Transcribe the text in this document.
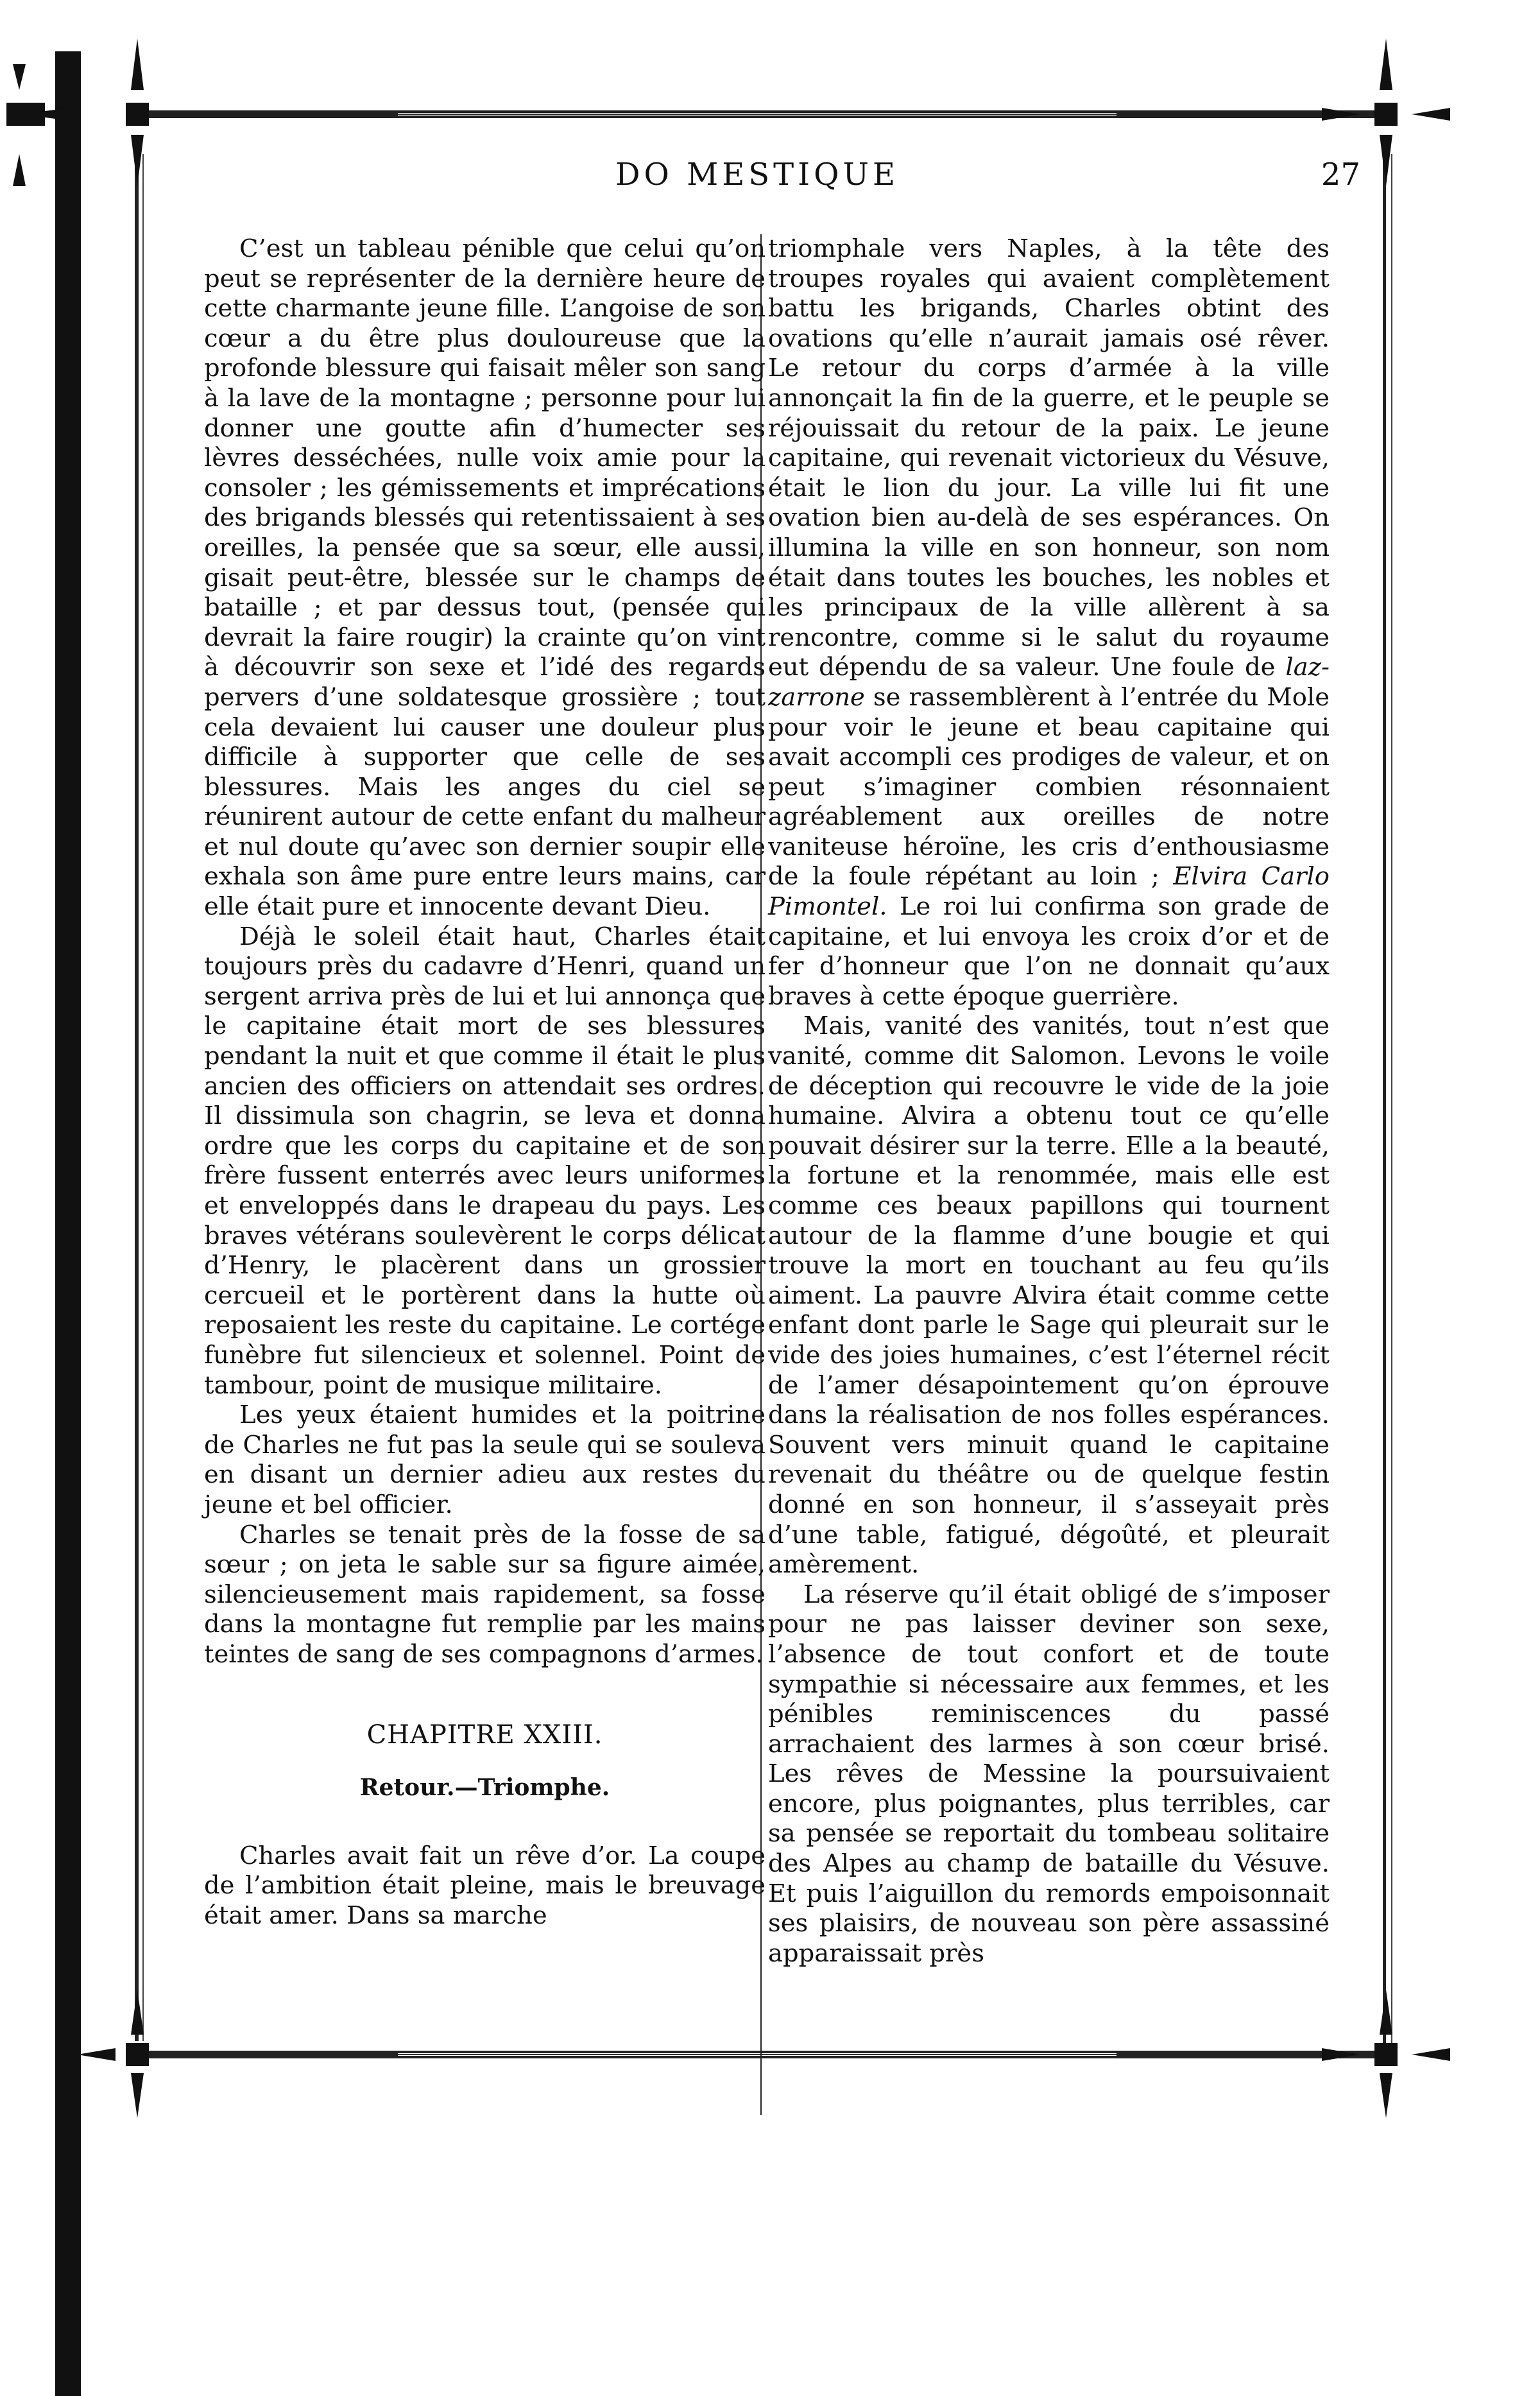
DO MESTIQUE	27

C’est un tableau pénible que celui qu’on peut se représenter de la dernière heure de cette charmante jeune fille. L’angoise de son cœur a du être plus douloureuse que la profonde blessure qui faisait mêler son sang à la lave de la montagne ; personne pour lui donner une goutte afin d’humecter ses lèvres desséchées, nulle voix amie pour la consoler ; les gémissements et imprécations des brigands blessés qui retentissaient à ses oreilles, la pensée que sa sœur, elle aussi, gisait peut-être, blessée sur le champs de bataille ; et par dessus tout, (pensée qui devrait la faire rougir) la crainte qu’on vint à découvrir son sexe et l’idé des regards pervers d’une soldatesque grossière ; tout cela devaient lui causer une douleur plus difficile à supporter que celle de ses blessures. Mais les anges du ciel se réunirent autour de cette enfant du malheur et nul doute qu’avec son dernier soupir elle exhala son âme pure entre leurs mains, car elle était pure et innocente devant Dieu.

Déjà le soleil était haut, Charles était toujours près du cadavre d’Henri, quand un sergent arriva près de lui et lui annonça que le capitaine était mort de ses blessures pendant la nuit et que comme il était le plus ancien des officiers on attendait ses ordres. Il dissimula son chagrin, se leva et donna ordre que les corps du capitaine et de son frère fussent enterrés avec leurs uniformes et enveloppés dans le drapeau du pays. Les braves vétérans soulevèrent le corps délicat d’Henry, le placèrent dans un grossier cercueil et le portèrent dans la hutte où reposaient les reste du capitaine. Le cortége funèbre fut silencieux et solennel. Point de tambour, point de musique militaire.

Les yeux étaient humides et la poitrine de Charles ne fut pas la seule qui se souleva en disant un dernier adieu aux restes du jeune et bel officier.

Charles se tenait près de la fosse de sa sœur ; on jeta le sable sur sa figure aimée, silencieusement mais rapidement, sa fosse dans la montagne fut remplie par les mains teintes de sang de ses compagnons d’armes.

CHAPITRE XXIII.
Retour.—Triomphe.

Charles avait fait un rêve d’or. La coupe de l’ambition était pleine, mais le breuvage était amer. Dans sa marche

triomphale vers Naples, à la tête des troupes royales qui avaient complètement battu les brigands, Charles obtint des ovations qu’elle n’aurait jamais osé rêver. Le retour du corps d’armée à la ville annonçait la fin de la guerre, et le peuple se réjouissait du retour de la paix. Le jeune capitaine, qui revenait victorieux du Vésuve, était le lion du jour. La ville lui fit une ovation bien au-delà de ses espérances. On illumina la ville en son honneur, son nom était dans toutes les bouches, les nobles et les principaux de la ville allèrent à sa rencontre, comme si le salut du royaume eut dépendu de sa valeur. Une foule de lazzarrone se rassemblèrent à l’entrée du Mole pour voir le jeune et beau capitaine qui avait accompli ces prodiges de valeur, et on peut s’imaginer combien résonnaient agréablement aux oreilles de notre vaniteuse héroïne, les cris d’enthousiasme de la foule répétant au loin ; Elvira Carlo Pimontel. Le roi lui confirma son grade de capitaine, et lui envoya les croix d’or et de fer d’honneur que l’on ne donnait qu’aux braves à cette époque guerrière.

Mais, vanité des vanités, tout n’est que vanité, comme dit Salomon. Levons le voile de déception qui recouvre le vide de la joie humaine. Alvira a obtenu tout ce qu’elle pouvait désirer sur la terre. Elle a la beauté, la fortune et la renommée, mais elle est comme ces beaux papillons qui tournent autour de la flamme d’une bougie et qui trouve la mort en touchant au feu qu’ils aiment. La pauvre Alvira était comme cette enfant dont parle le Sage qui pleurait sur le vide des joies humaines, c’est l’éternel récit de l’amer désapointement qu’on éprouve dans la réalisation de nos folles espérances. Souvent vers minuit quand le capitaine revenait du théâtre ou de quelque festin donné en son honneur, il s’asseyait près d’une table, fatigué, dégoûté, et pleurait amèrement.

La réserve qu’il était obligé de s’imposer pour ne pas laisser deviner son sexe, l’absence de tout confort et de toute sympathie si nécessaire aux femmes, et les pénibles reminiscences du passé arrachaient des larmes à son cœur brisé. Les rêves de Messine la poursuivaient encore, plus poignantes, plus terribles, car sa pensée se reportait du tombeau solitaire des Alpes au champ de bataille du Vésuve. Et puis l’aiguillon du remords empoisonnait ses plaisirs, de nouveau son père assassiné apparaissait près
